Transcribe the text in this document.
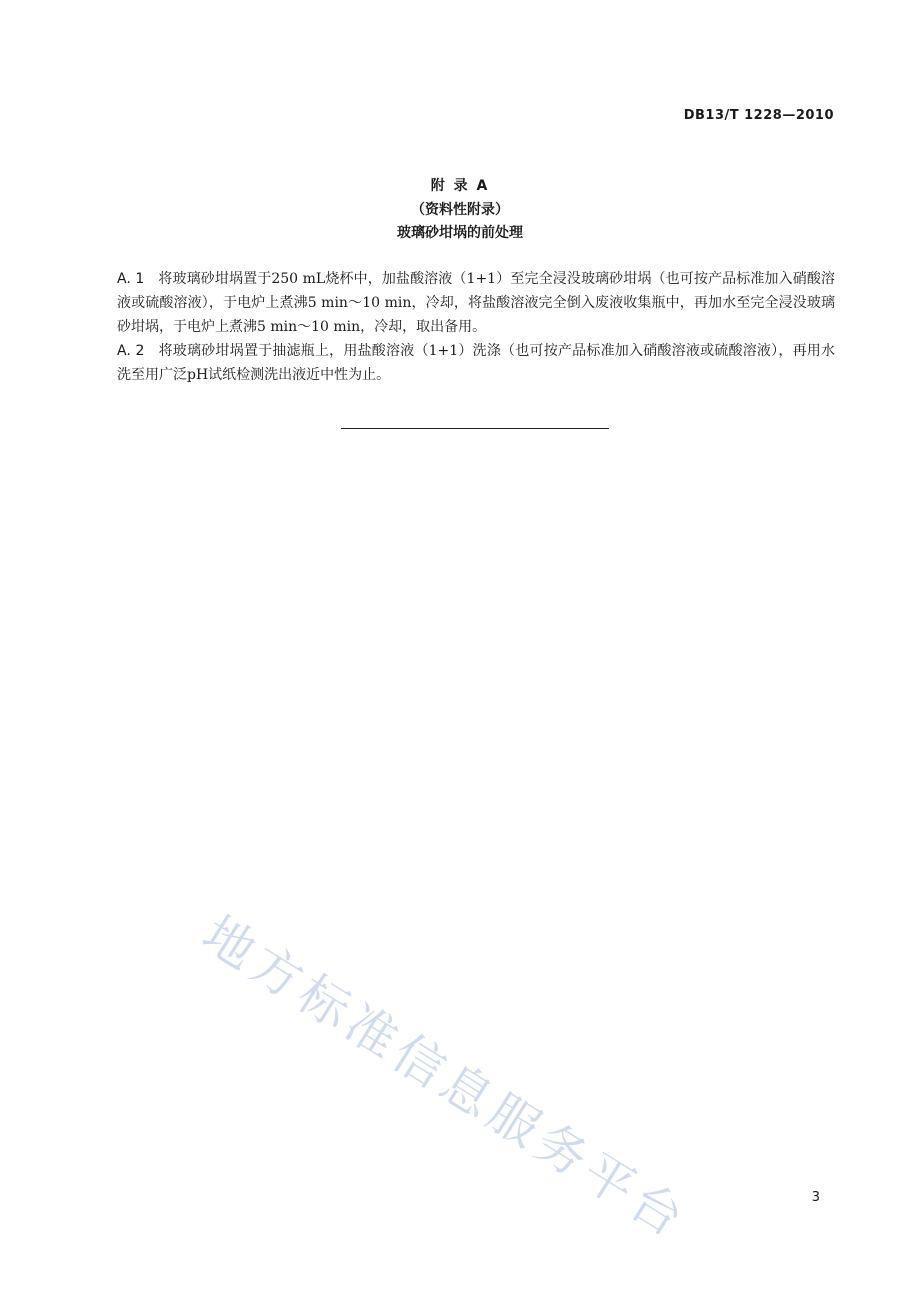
DB13/T 1228—2010
附 录 A
（资料性附录）
玻璃砂坩埚的前处理

A. 1 将玻璃砂坩埚置于250 mL烧杯中，加盐酸溶液（1+1）至完全浸没玻璃砂坩埚（也可按产品标准加入硝酸溶液或硫酸溶液），于电炉上煮沸5 min～10 min，冷却，将盐酸溶液完全倒入废液收集瓶中，再加水至完全浸没玻璃砂坩埚，于电炉上煮沸5 min～10 min，冷却，取出备用。

A. 2 将玻璃砂坩埚置于抽滤瓶上，用盐酸溶液（1+1）洗涤（也可按产品标准加入硝酸溶液或硫酸溶液），再用水洗至用广泛pH试纸检测洗出液近中性为止。

地方标准信息服务平台	3
